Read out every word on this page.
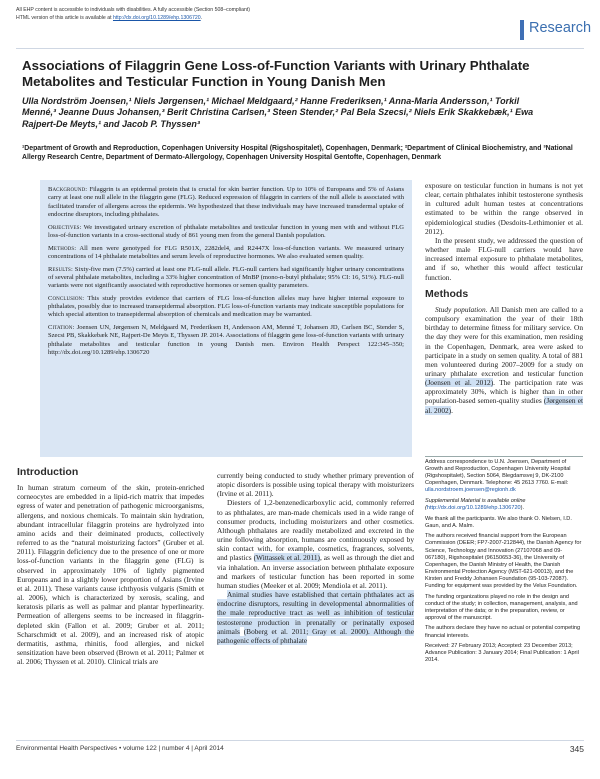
All EHP content is accessible to individuals with disabilities. A fully accessible (Section 508–compliant)
HTML version of this article is available at http://dx.doi.org/10.1289/ehp.1306720.
Research
Associations of Filaggrin Gene Loss-of-Function Variants with Urinary Phthalate Metabolites and Testicular Function in Young Danish Men
Ulla Nordström Joensen,¹ Niels Jørgensen,¹ Michael Meldgaard,² Hanne Frederiksen,¹ Anna-Maria Andersson,¹ Torkil Menné,³ Jeanne Duus Johansen,³ Berit Christina Carlsen,³ Steen Stender,² Pal Bela Szecsi,² Niels Erik Skakkebæk,¹ Ewa Rajpert-De Meyts,¹ and Jacob P. Thyssen³
¹Department of Growth and Reproduction, Copenhagen University Hospital (Rigshospitalet), Copenhagen, Denmark; ²Department of Clinical Biochemistry, and ³National Allergy Research Centre, Department of Dermato-Allergology, Copenhagen University Hospital Gentofte, Copenhagen, Denmark

Background: Filaggrin is an epidermal protein that is crucial for skin barrier function. Up to 10% of Europeans and 5% of Asians carry at least one null allele in the filaggrin gene (FLG). Reduced expression of filaggrin in carriers of the null allele is associated with facilitated transfer of allergens across the epidermis. We hypothesized that these individuals may have increased transdermal uptake of endocrine disruptors, including phthalates.

Objectives: We investigated urinary excretion of phthalate metabolites and testicular function in young men with and without FLG loss-of-function variants in a cross-sectional study of 861 young men from the general Danish population.

Methods: All men were genotyped for FLG R501X, 2282del4, and R2447X loss-of-function variants. We measured urinary concentrations of 14 phthalate metabolites and serum levels of reproductive hormones. We also evaluated semen quality.

Results: Sixty-five men (7.5%) carried at least one FLG-null allele. FLG-null carriers had significantly higher urinary concentrations of several phthalate metabolites, including a 33% higher concentration of MnBP (mono-n-butyl phthalate; 95% CI: 16, 51%). FLG-null variants were not significantly associated with reproductive hormones or semen quality parameters.

Conclusion: This study provides evidence that carriers of FLG loss-of-function alleles may have higher internal exposure to phthalates, possibly due to increased transepidermal absorption. FLG loss-of-function variants may indicate susceptible populations for which special attention to transepidermal absorption of chemicals and medication may be warranted.

Citation: Joensen UN, Jørgensen N, Meldgaard M, Frederiksen H, Andersson AM, Menné T, Johansen JD, Carlsen BC, Stender S, Szecsi PB, Skakkebæk NE, Rajpert-De Meyts E, Thyssen JP. 2014. Associations of filaggrin gene loss-of-function variants with urinary phthalate metabolites and testicular function in young Danish men. Environ Health Perspect 122:345–350; http://dx.doi.org/10.1289/ehp.1306720

exposure on testicular function in humans is not yet clear, certain phthalates inhibit testosterone synthesis in cultured adult human testes at concentrations estimated to be within the range observed in epidemiological studies (Desdoits-Lethimonier et al. 2012).

In the present study, we addressed the question of whether male FLG-null carriers would have increased internal exposure to phthalate metabolites, and if so, whether this would affect testicular function.

Methods

Study population. All Danish men are called to a compulsory examination the year of their 18th birthday to determine fitness for military service. On the day they were for this examination, men residing in the Copenhagen, Denmark, area were asked to participate in a study on semen quality. A total of 881 men volunteered during 2007–2009 for a study on urinary phthalate excretion and testicular function (Joensen et al. 2012). The participation rate was approximately 30%, which is higher than in other population-based semen-quality studies (Jørgensen et al. 2002).

Introduction

In human stratum corneum of the skin, protein-enriched corneocytes are embedded in a lipid-rich matrix that impedes egress of water and penetration of pathogenic microorganisms, allergens, and noxious chemicals. To maintain skin hydration, abundant intracellular filaggrin proteins are hydrolyzed into amino acids and their deiminated products, collectively referred to as the “natural moisturizing factors” (Gruber et al. 2011). Filaggrin deficiency due to the presence of one or more loss-of-function variants in the filaggrin gene (FLG) is observed in approximately 10% of lightly pigmented Europeans and in a slightly lower proportion of Asians (Irvine et al. 2011). These variants cause ichthyosis vulgaris (Smith et al. 2006), which is characterized by xerosis, scaling, and keratosis pilaris as well as palmar and plantar hyperlinearity. Permeation of allergens seems to be increased in filaggrin-depleted skin (Fallon et al. 2009; Gruber et al. 2011; Scharschmidt et al. 2009), and an increased risk of atopic dermatitis, asthma, rhinitis, food allergies, and nickel sensitization have been observed (Brown et al. 2011; Palmer et al. 2006; Thyssen et al. 2010). Clinical trials are

currently being conducted to study whether primary prevention of atopic disorders is possible using topical therapy with moisturizers (Irvine et al. 2011).

Diesters of 1,2-benzenedicarboxylic acid, commonly referred to as phthalates, are man-made chemicals used in a wide range of consumer products, including moisturizers and other cosmetics. Although phthalates are readily metabolized and excreted in the urine following absorption, humans are continuously exposed by skin contact with, for example, cosmetics, fragrances, solvents, and plastics (Wittassek et al. 2011), as well as through the diet and via inhalation. An inverse association between phthalate exposure and markers of testicular function has been reported in some human studies (Meeker et al. 2009; Mendiola et al. 2011).

Animal studies have established that certain phthalates act as endocrine disruptors, resulting in developmental abnormalities of the male reproductive tract as well as inhibition of testicular testosterone production in prenatally or perinatally exposed animals (Boberg et al. 2011; Gray et al. 2000). Although the pathogenic effects of phthalate

Address correspondence to U.N. Joensen, Department of Growth and Reproduction, Copenhagen University Hospital (Rigshospitalet), Section 5064, Blegdamsvej 9, DK-2100 Copenhagen, Denmark. Telephone: 45 2613 7760. E-mail: ulla.nordstroem.joensen@regionh.dk

Supplemental Material is available online (http://dx.doi.org/10.1289/ehp.1306720).

We thank all the participants. We also thank O. Nielsen, I.D. Gaun, and A. Malm.

The authors received financial support from the European Commission (DEER; FP7-2007-212844), the Danish Agency for Science, Technology and Innovation (27107068 and 09-067180), Rigshospitalet (96150653-36), the University of Copenhagen, the Danish Ministry of Health, the Danish Environmental Protection Agency (MST-621-00013), and the Kirsten and Freddy Johansen Foundation (95-103-72087). Funding for equipment was provided by the Velux Foundation.

The funding organizations played no role in the design and conduct of the study; in collection, management, analysis, and interpretation of the data; or in the preparation, review, or approval of the manuscript.

The authors declare they have no actual or potential competing financial interests.

Received: 27 February 2013; Accepted: 23 December 2013; Advance Publication: 3 January 2014; Final Publication: 1 April 2014.

Environmental Health Perspectives • volume 122 | number 4 | April 2014	345
